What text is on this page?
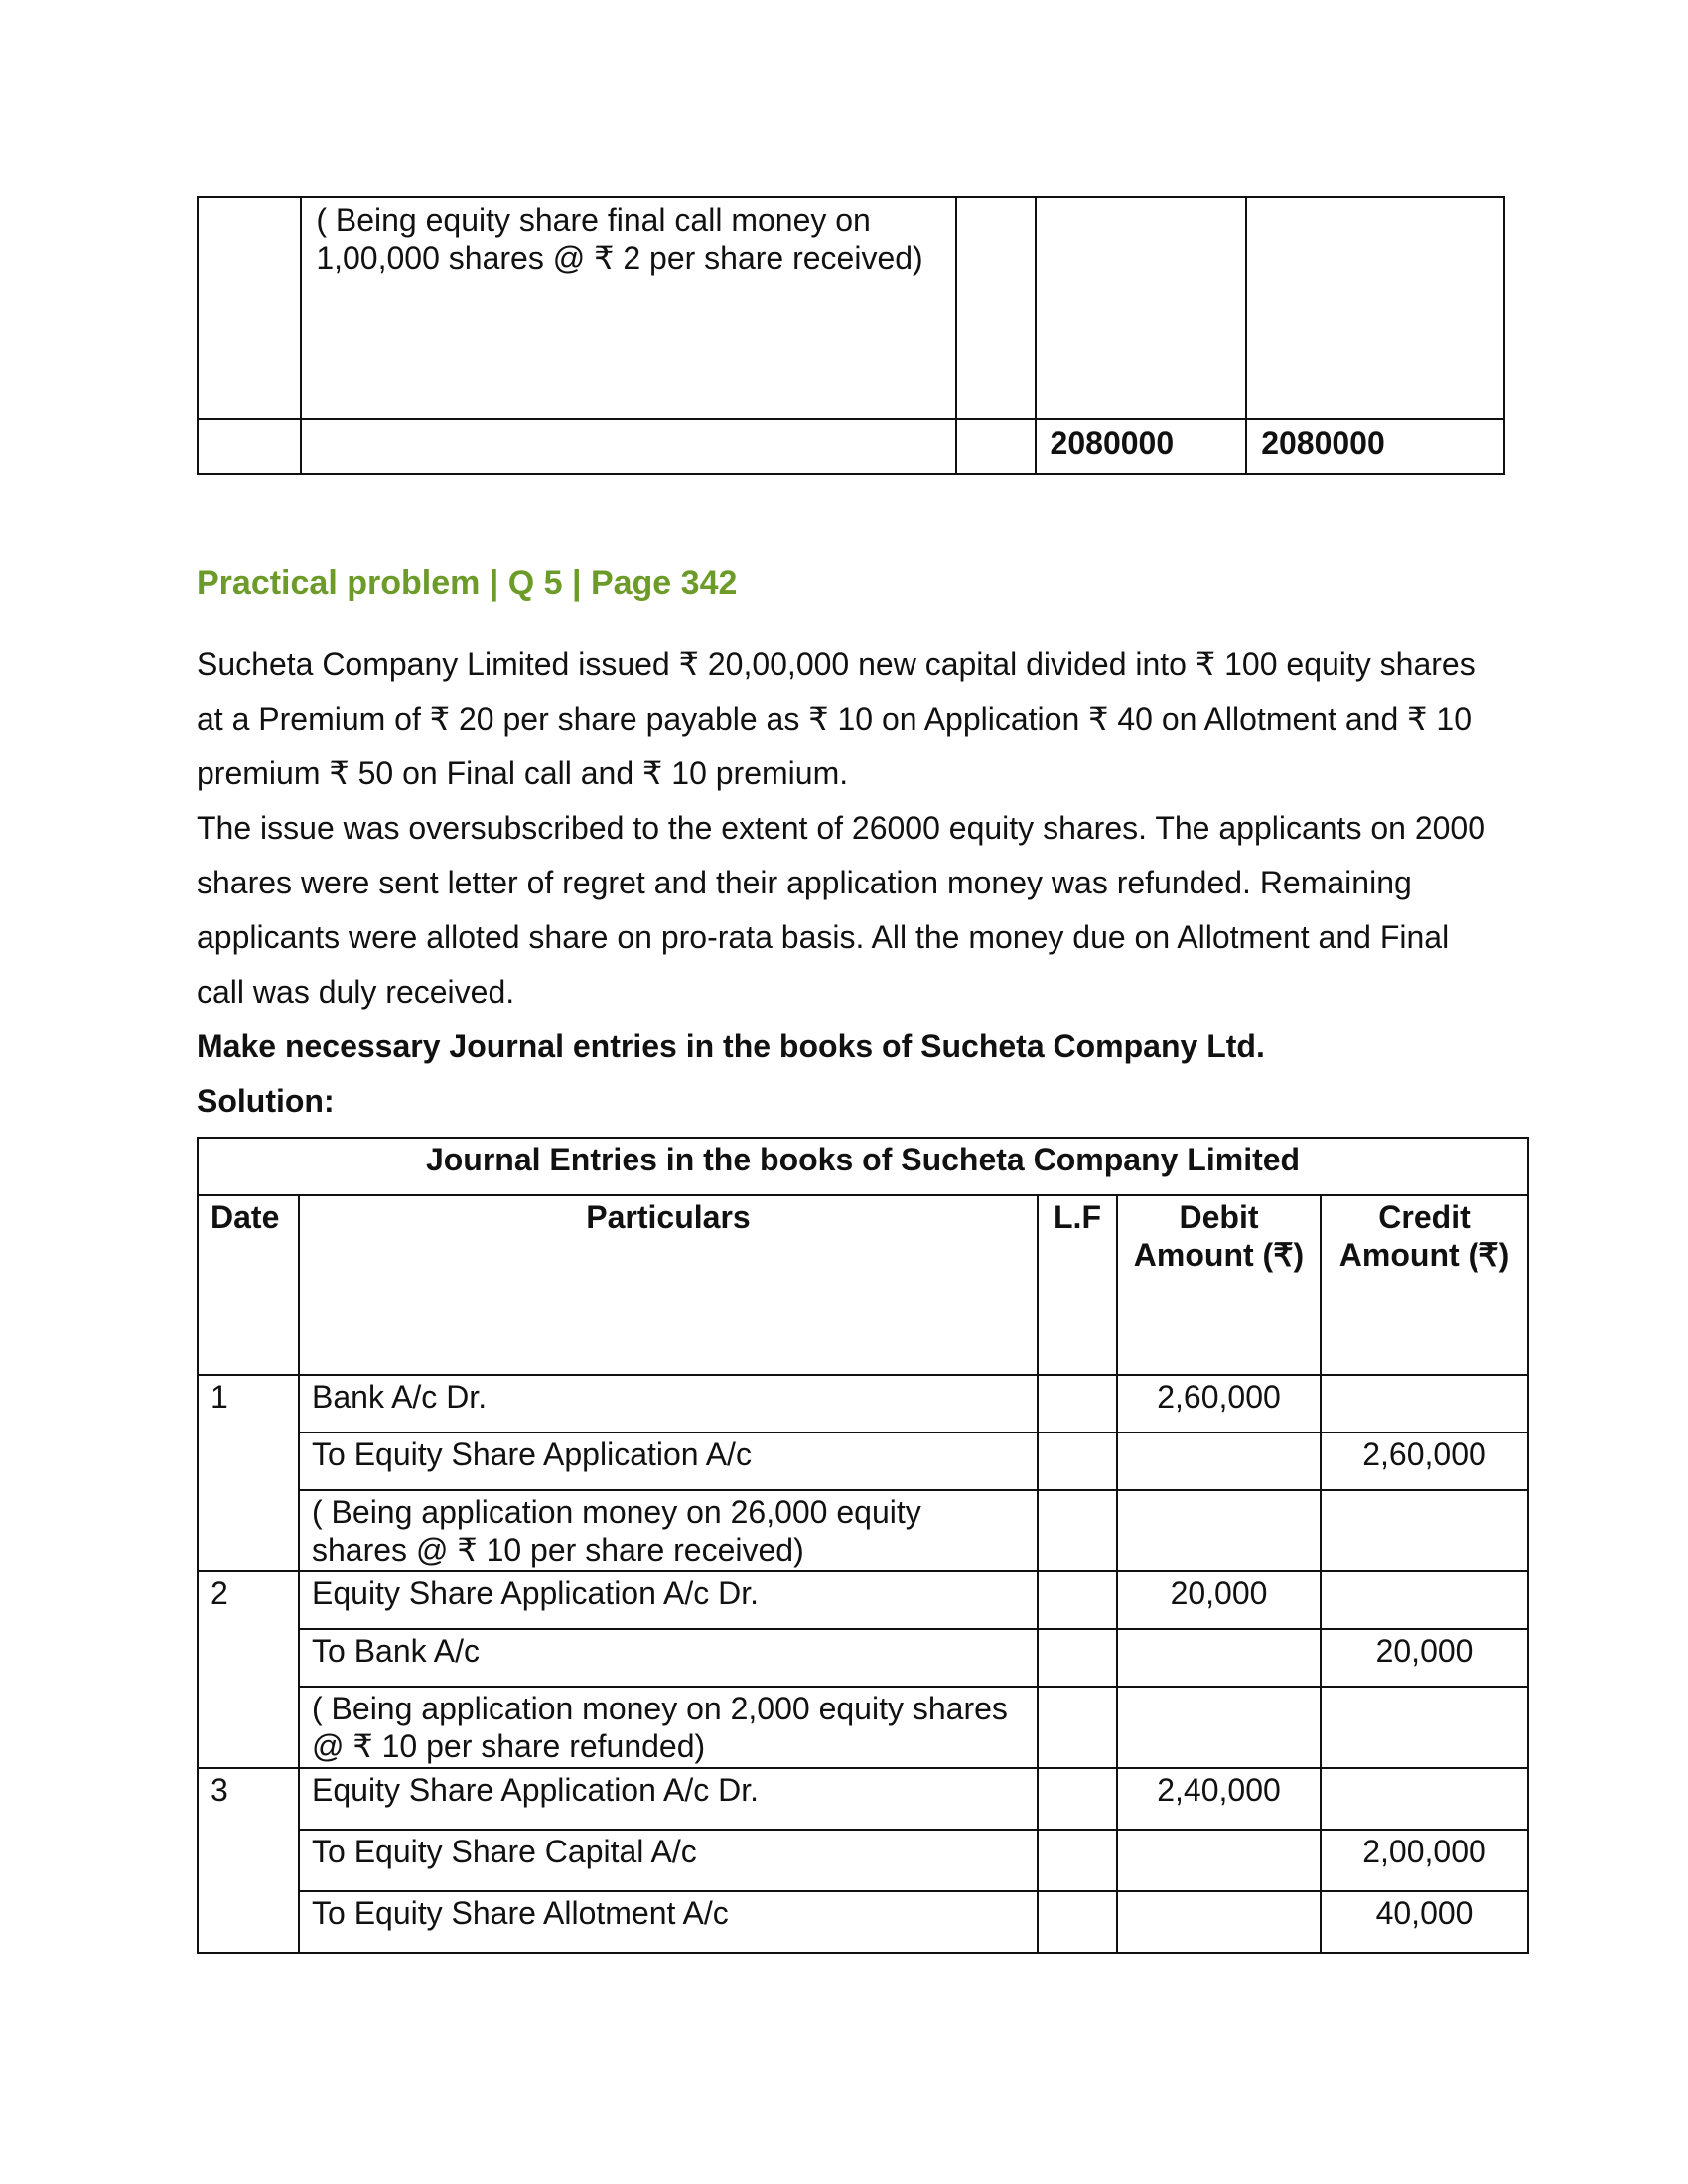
	( Being equity share final call money on 1,00,000 shares @ ₹ 2 per share received)			
			2080000	2080000
Practical problem | Q 5 | Page 342

Sucheta Company Limited issued ₹ 20,00,000 new capital divided into ₹ 100 equity shares at a Premium of ₹ 20 per share payable as ₹ 10 on Application ₹ 40 on Allotment and ₹ 10 premium ₹ 50 on Final call and ₹ 10 premium.

The issue was oversubscribed to the extent of 26000 equity shares. The applicants on 2000 shares were sent letter of regret and their application money was refunded. Remaining applicants were alloted share on pro-rata basis. All the money due on Allotment and Final call was duly received.

Make necessary Journal entries in the books of Sucheta Company Ltd.

Solution:

Journal Entries in the books of Sucheta Company Limited				
Date	Particulars	L.F	Debit Amount (₹)	Credit Amount (₹)
1	Bank A/c Dr.		2,60,000	
	To Equity Share Application A/c			2,60,000
	( Being application money on 26,000 equity shares @ ₹ 10 per share received)			
2	Equity Share Application A/c Dr.		20,000	
	To Bank A/c			20,000
	( Being application money on 2,000 equity shares @ ₹ 10 per share refunded)			
3	Equity Share Application A/c Dr.		2,40,000	
	To Equity Share Capital A/c			2,00,000
	To Equity Share Allotment A/c			40,000
